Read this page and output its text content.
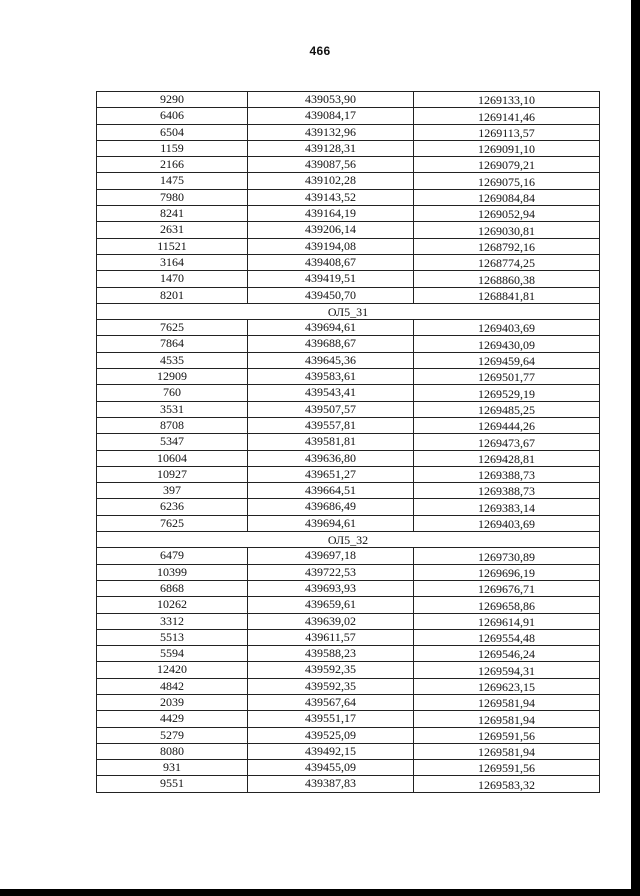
466
9290	439053,90	1269133,10
6406	439084,17	1269141,46
6504	439132,96	1269113,57
1159	439128,31	1269091,10
2166	439087,56	1269079,21
1475	439102,28	1269075,16
7980	439143,52	1269084,84
8241	439164,19	1269052,94
2631	439206,14	1269030,81
11521	439194,08	1268792,16
3164	439408,67	1268774,25
1470	439419,51	1268860,38
8201	439450,70	1268841,81
ОЛ5_31		
7625	439694,61	1269403,69
7864	439688,67	1269430,09
4535	439645,36	1269459,64
12909	439583,61	1269501,77
760	439543,41	1269529,19
3531	439507,57	1269485,25
8708	439557,81	1269444,26
5347	439581,81	1269473,67
10604	439636,80	1269428,81
10927	439651,27	1269388,73
397	439664,51	1269388,73
6236	439686,49	1269383,14
7625	439694,61	1269403,69
ОЛ5_32		
6479	439697,18	1269730,89
10399	439722,53	1269696,19
6868	439693,93	1269676,71
10262	439659,61	1269658,86
3312	439639,02	1269614,91
5513	439611,57	1269554,48
5594	439588,23	1269546,24
12420	439592,35	1269594,31
4842	439592,35	1269623,15
2039	439567,64	1269581,94
4429	439551,17	1269581,94
5279	439525,09	1269591,56
8080	439492,15	1269581,94
931	439455,09	1269591,56
9551	439387,83	1269583,32
